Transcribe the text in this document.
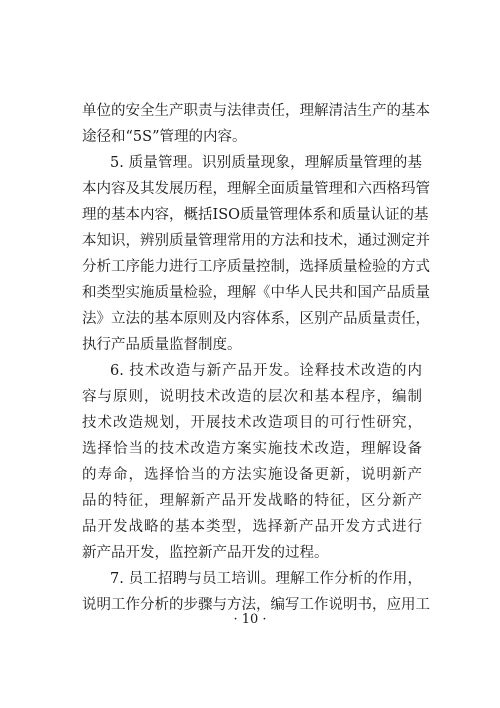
单位的安全生产职责与法律责任，理解清洁生产的基本
途径和“5S”管理的内容。
5. 质量管理。识别质量现象，理解质量管理的基
本内容及其发展历程，理解全面质量管理和六西格玛管
理的基本内容，概括ISO质量管理体系和质量认证的基
本知识，辨别质量管理常用的方法和技术，通过测定并
分析工序能力进行工序质量控制，选择质量检验的方式
和类型实施质量检验，理解《中华人民共和国产品质量
法》立法的基本原则及内容体系，区别产品质量责任，
执行产品质量监督制度。
6. 技术改造与新产品开发。诠释技术改造的内
容与原则，说明技术改造的层次和基本程序，编制
技术改造规划，开展技术改造项目的可行性研究，
选择恰当的技术改造方案实施技术改造，理解设备
的寿命，选择恰当的方法实施设备更新，说明新产
品的特征，理解新产品开发战略的特征，区分新产
品开发战略的基本类型，选择新产品开发方式进行
新产品开发，监控新产品开发的过程。
7. 员工招聘与员工培训。理解工作分析的作用，
说明工作分析的步骤与方法，编写工作说明书，应用工
· 10 ·
